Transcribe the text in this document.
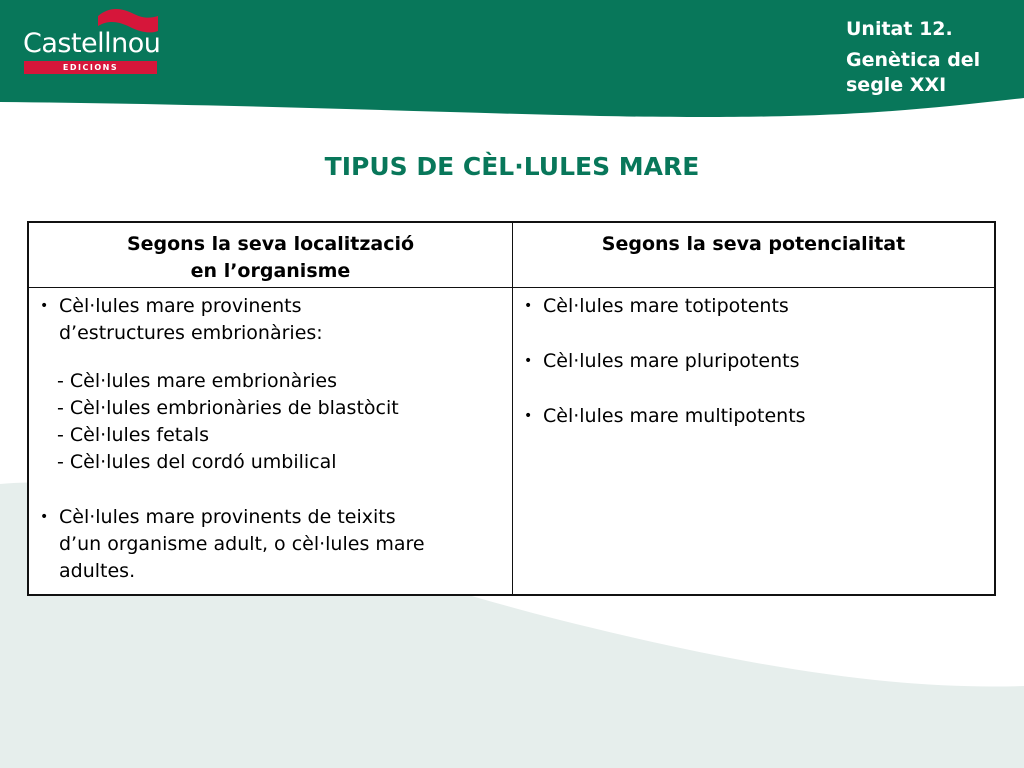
Castellnou
EDICIONS
Unitat 12.
Genètica del
segle XXI
TIPUS DE CÈL·LULES MARE
Segons la seva localització
en l’organisme
Segons la seva potencialitat
• Cèl·lules mare provinents
d’estructures embrionàries:
- Cèl·lules mare embrionàries
- Cèl·lules embrionàries de blastòcit
- Cèl·lules fetals
- Cèl·lules del cordó umbilical
• Cèl·lules mare provinents de teixits
d’un organisme adult, o cèl·lules mare
adultes.
• Cèl·lules mare totipotents
• Cèl·lules mare pluripotents
• Cèl·lules mare multipotents
